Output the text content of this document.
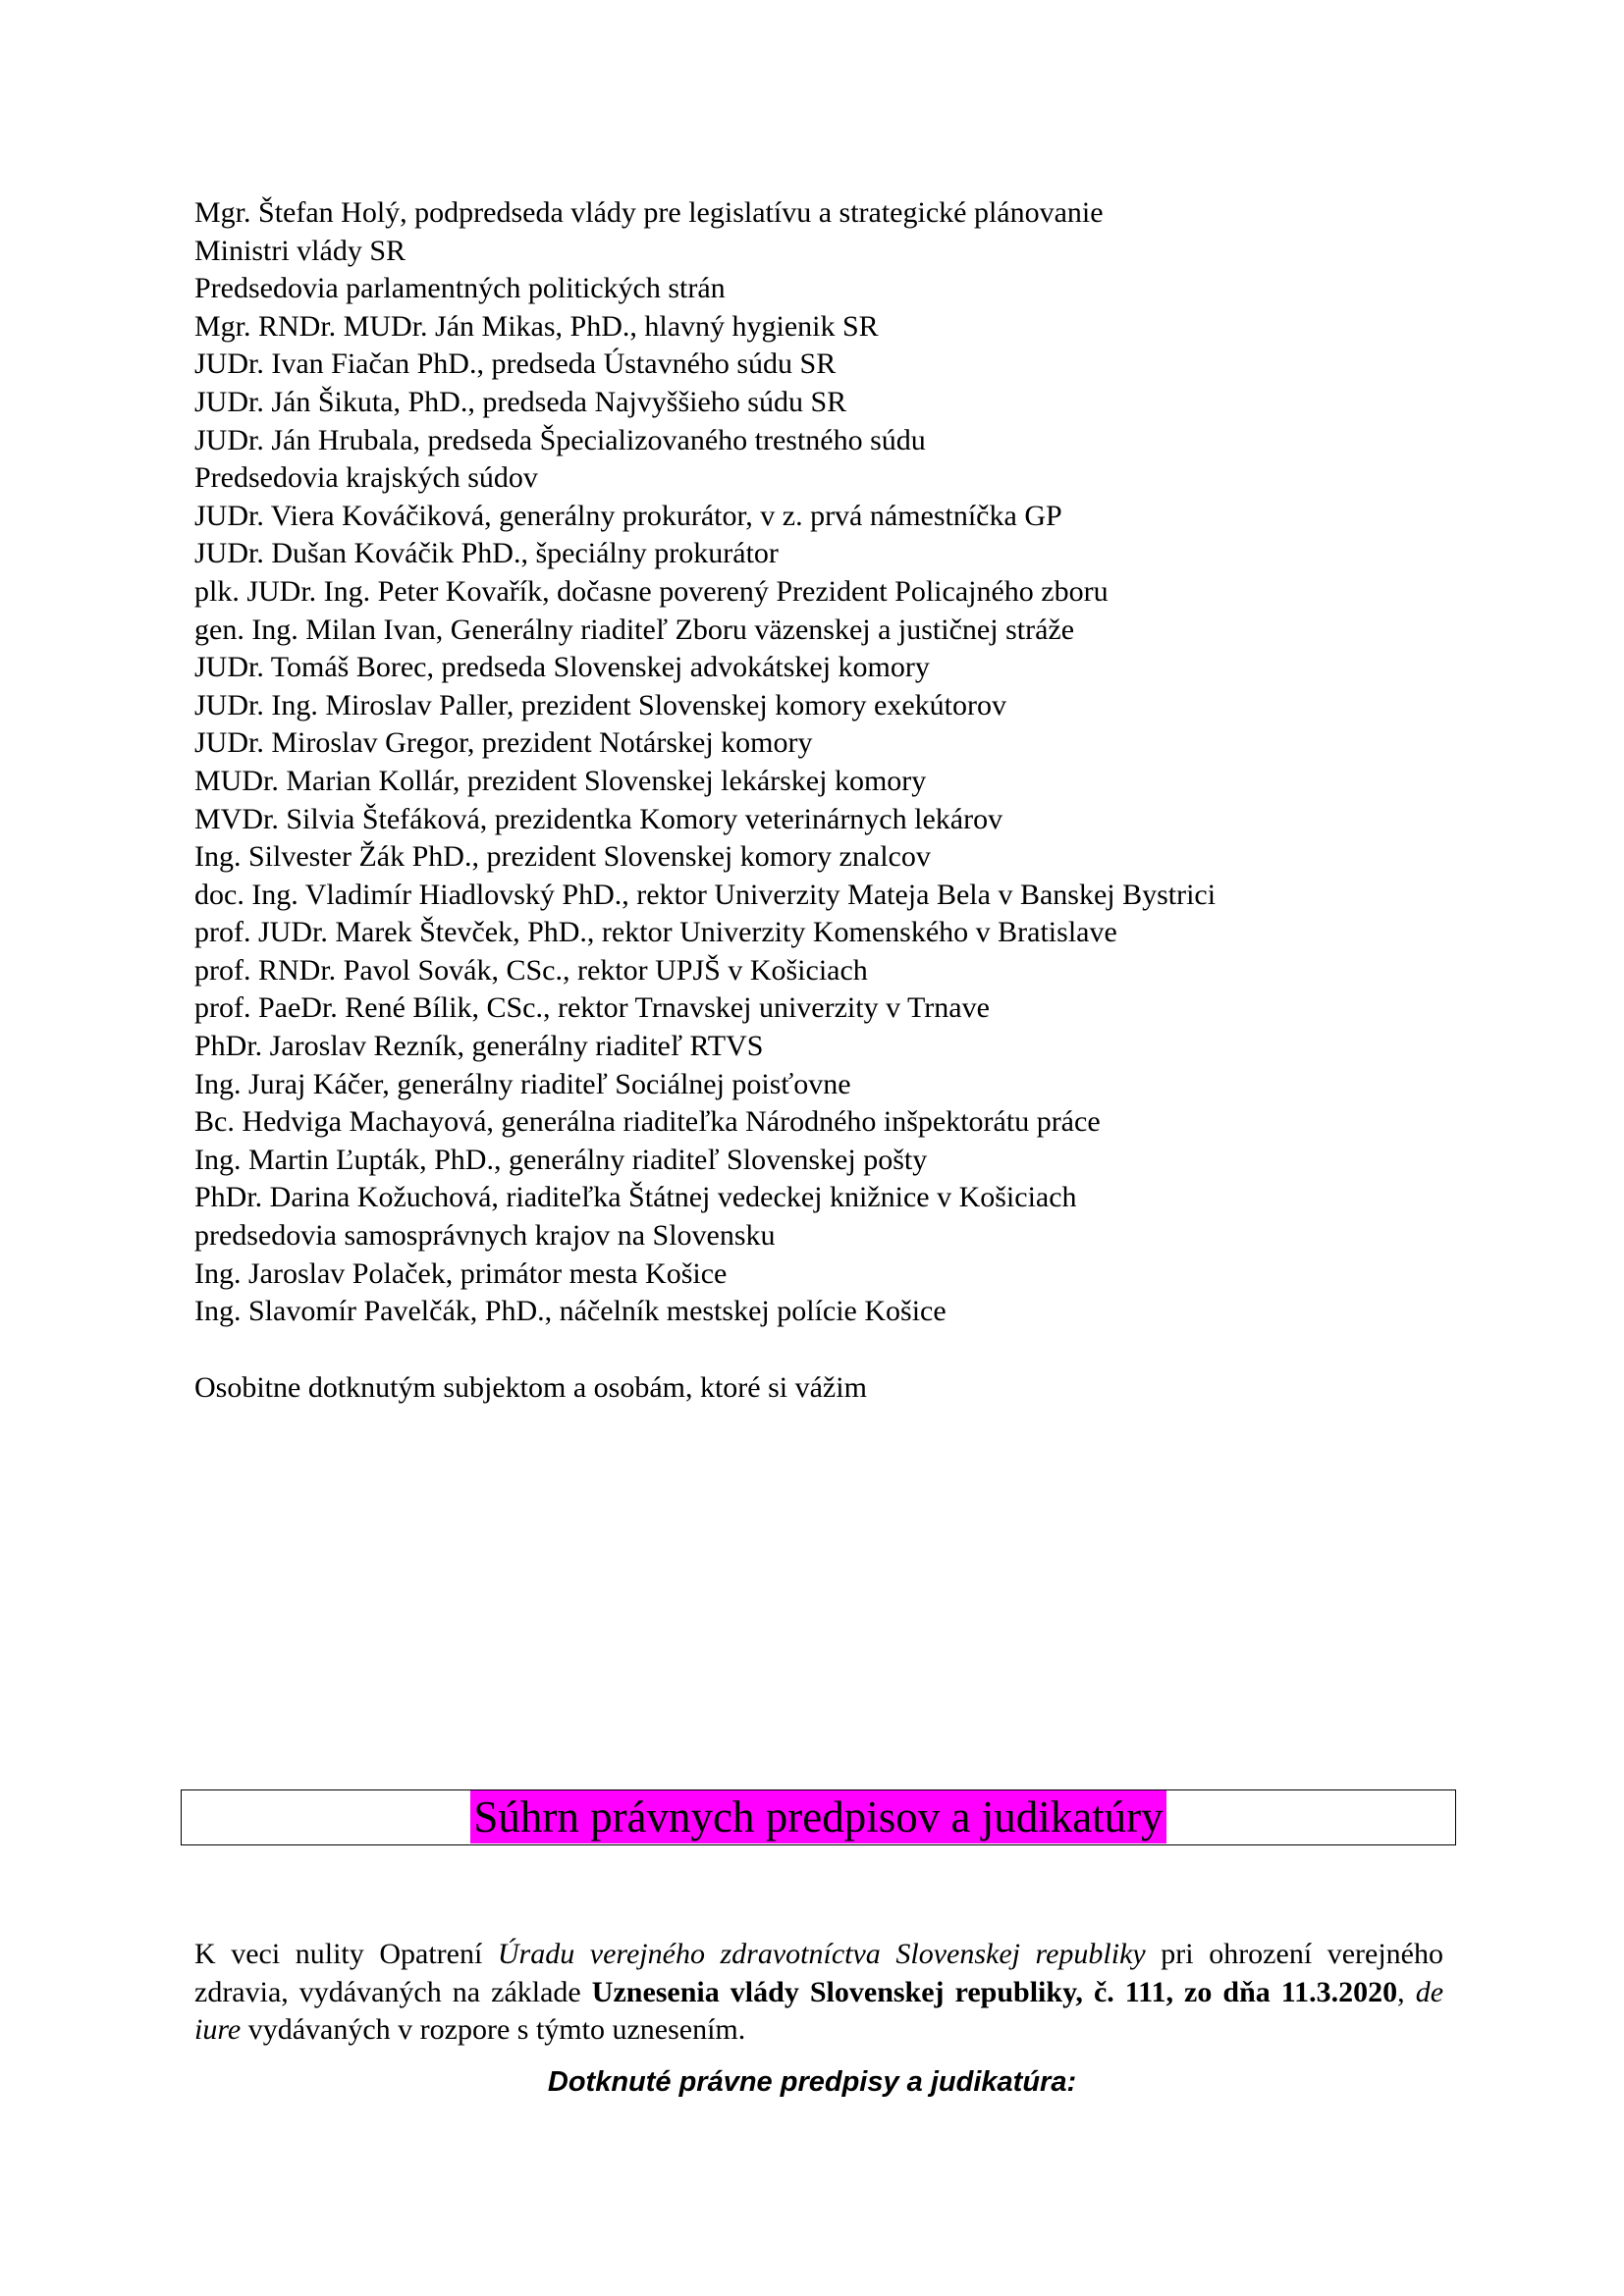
Mgr. Štefan Holý, podpredseda vlády pre legislatívu a strategické plánovanie
Ministri vlády SR
Predsedovia parlamentných politických strán
Mgr. RNDr. MUDr. Ján Mikas, PhD., hlavný hygienik SR
JUDr. Ivan Fiačan PhD., predseda Ústavného súdu SR
JUDr. Ján Šikuta, PhD., predseda Najvyššieho súdu SR
JUDr. Ján Hrubala, predseda Špecializovaného trestného súdu
Predsedovia krajských súdov
JUDr. Viera Kováčiková, generálny prokurátor, v z. prvá námestníčka GP
JUDr. Dušan Kováčik PhD., špeciálny prokurátor
plk. JUDr. Ing. Peter Kovařík, dočasne poverený Prezident Policajného zboru
gen. Ing. Milan Ivan, Generálny riaditeľ Zboru väzenskej a justičnej stráže
JUDr. Tomáš Borec, predseda Slovenskej advokátskej komory
JUDr. Ing. Miroslav Paller, prezident Slovenskej komory exekútorov
JUDr. Miroslav Gregor, prezident Notárskej komory
MUDr. Marian Kollár, prezident Slovenskej lekárskej komory
MVDr. Silvia Štefáková, prezidentka Komory veterinárnych lekárov
Ing. Silvester Žák PhD., prezident Slovenskej komory znalcov
doc. Ing. Vladimír Hiadlovský PhD., rektor Univerzity Mateja Bela v Banskej Bystrici
prof. JUDr. Marek Števček, PhD., rektor Univerzity Komenského v Bratislave
prof. RNDr. Pavol Sovák, CSc., rektor UPJŠ v Košiciach
prof. PaeDr. René Bílik, CSc., rektor Trnavskej univerzity v Trnave
PhDr. Jaroslav Rezník, generálny riaditeľ RTVS
Ing. Juraj Káčer, generálny riaditeľ Sociálnej poisťovne
Bc. Hedviga Machayová, generálna riaditeľka Národného inšpektorátu práce
Ing. Martin Ľupták, PhD., generálny riaditeľ Slovenskej pošty
PhDr. Darina Kožuchová, riaditeľka Štátnej vedeckej knižnice v Košiciach
predsedovia samosprávnych krajov na Slovensku
Ing. Jaroslav Polaček, primátor mesta Košice
Ing. Slavomír Pavelčák, PhD., náčelník mestskej polície Košice
Osobitne dotknutým subjektom a osobám, ktoré si vážim
Súhrn právnych predpisov a judikatúry

K veci nulity Opatrení Úradu verejného zdravotníctva Slovenskej republiky pri ohrození verejného zdravia, vydávaných na základe Uznesenia vlády Slovenskej republiky, č. 111, zo dňa 11.3.2020, de iure vydávaných v rozpore s týmto uznesením.

Dotknuté právne predpisy a judikatúra:
